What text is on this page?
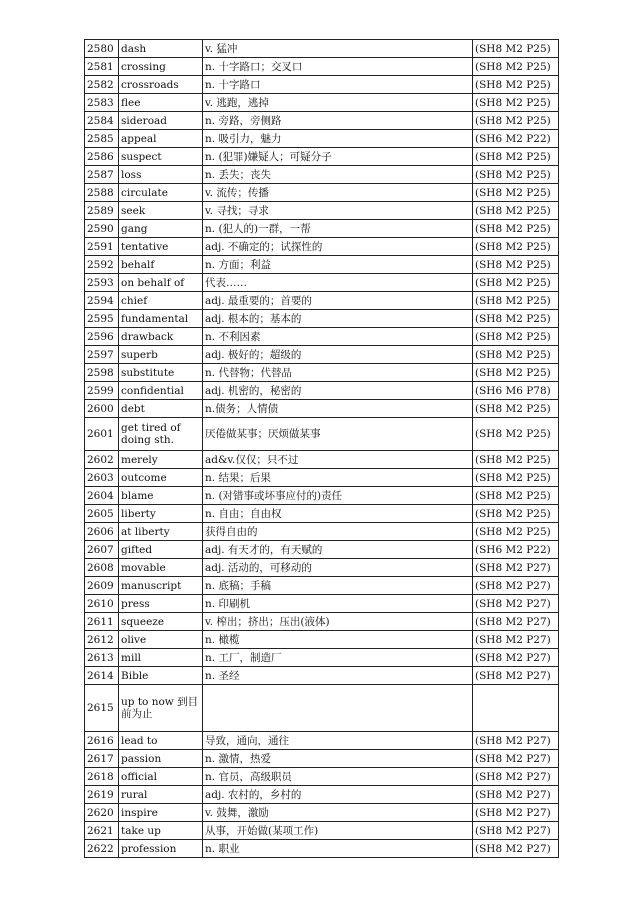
2580	dash	v. 猛冲	(SH8 M2 P25)
2581	crossing	n. 十字路口；交叉口	(SH8 M2 P25)
2582	crossroads	n. 十字路口	(SH8 M2 P25)
2583	flee	v. 逃跑，逃掉	(SH8 M2 P25)
2584	sideroad	n. 旁路，旁侧路	(SH8 M2 P25)
2585	appeal	n. 吸引力，魅力	(SH6 M2 P22)
2586	suspect	n. (犯罪)嫌疑人；可疑分子	(SH8 M2 P25)
2587	loss	n. 丢失；丧失	(SH8 M2 P25)
2588	circulate	v. 流传；传播	(SH8 M2 P25)
2589	seek	v. 寻找；寻求	(SH8 M2 P25)
2590	gang	n. (犯人的)一群，一帮	(SH8 M2 P25)
2591	tentative	adj. 不确定的；试探性的	(SH8 M2 P25)
2592	behalf	n. 方面；利益	(SH8 M2 P25)
2593	on behalf of	代表……	(SH8 M2 P25)
2594	chief	adj. 最重要的；首要的	(SH8 M2 P25)
2595	fundamental	adj. 根本的；基本的	(SH8 M2 P25)
2596	drawback	n. 不利因素	(SH8 M2 P25)
2597	superb	adj. 极好的；超级的	(SH8 M2 P25)
2598	substitute	n. 代替物；代替品	(SH8 M2 P25)
2599	confidential	adj. 机密的，秘密的	(SH6 M6 P78)
2600	debt	n.债务；人情债	(SH8 M2 P25)
2601	get tired of doing sth.	厌倦做某事；厌烦做某事	(SH8 M2 P25)
2602	merely	ad&v.仅仅；只不过	(SH8 M2 P25)
2603	outcome	n. 结果；后果	(SH8 M2 P25)
2604	blame	n. (对错事或坏事应付的)责任	(SH8 M2 P25)
2605	liberty	n. 自由；自由权	(SH8 M2 P25)
2606	at liberty	获得自由的	(SH8 M2 P25)
2607	gifted	adj. 有天才的，有天赋的	(SH6 M2 P22)
2608	movable	adj. 活动的，可移动的	(SH8 M2 P27)
2609	manuscript	n. 底稿；手稿	(SH8 M2 P27)
2610	press	n. 印刷机	(SH8 M2 P27)
2611	squeeze	v. 榨出；挤出；压出(液体)	(SH8 M2 P27)
2612	olive	n. 橄榄	(SH8 M2 P27)
2613	mill	n. 工厂，制造厂	(SH8 M2 P27)
2614	Bible	n. 圣经	(SH8 M2 P27)
2615	up to now 到目前为止		
2616	lead to	导致，通向，通往	(SH8 M2 P27)
2617	passion	n. 激情，热爱	(SH8 M2 P27)
2618	official	n. 官员，高级职员	(SH8 M2 P27)
2619	rural	adj. 农村的，乡村的	(SH8 M2 P27)
2620	inspire	v. 鼓舞，激励	(SH8 M2 P27)
2621	take up	从事，开始做(某项工作)	(SH8 M2 P27)
2622	profession	n. 职业	(SH8 M2 P27)
